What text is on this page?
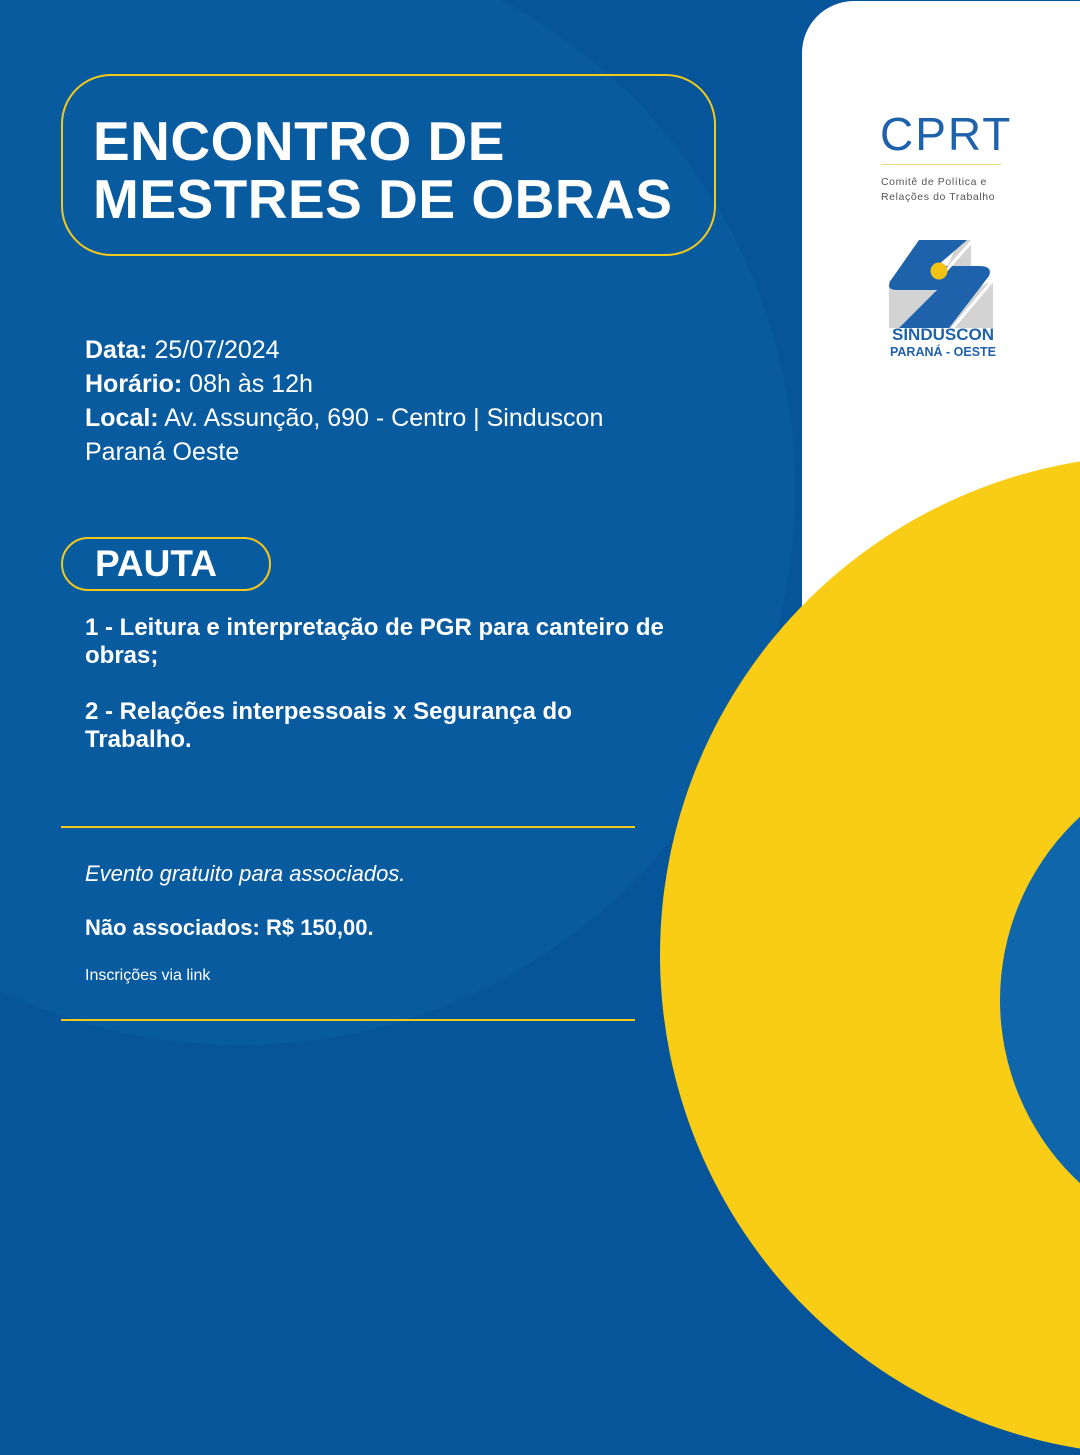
ENCONTRO DE
MESTRES DE OBRAS
Data: 25/07/2024
Horário: 08h às 12h
Local: Av. Assunção, 690 - Centro | Sinduscon Paraná Oeste
PAUTA

1 - Leitura e interpretação de PGR para canteiro de obras;

2 - Relações interpessoais x Segurança do Trabalho.

Evento gratuito para associados.
Não associados: R$ 150,00.
Inscrições via link
CPRT
Comitê de Política e
Relações do Trabalho
SINDUSCON
PARANÁ - OESTE
